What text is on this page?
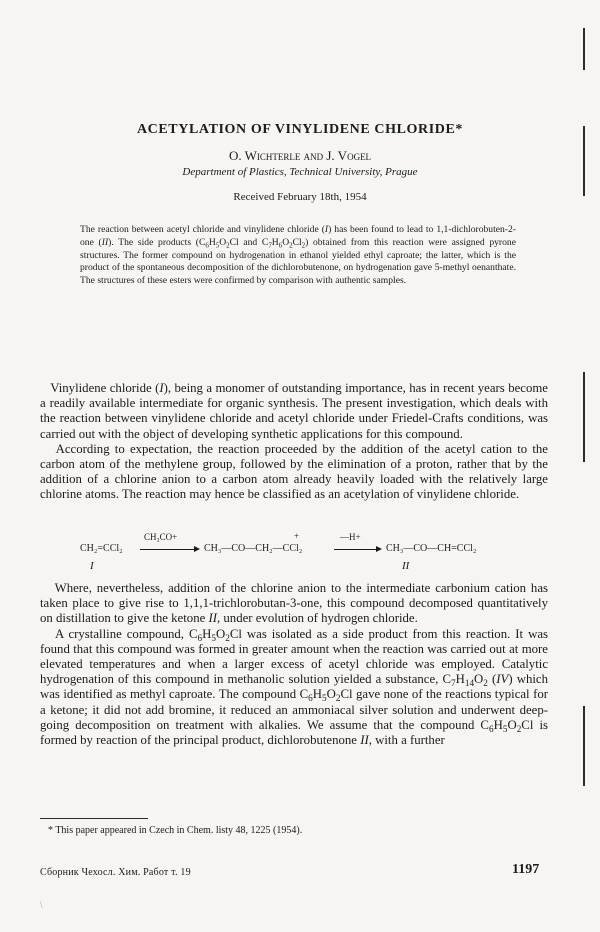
ACETYLATION OF VINYLIDENE CHLORIDE*
O. Wichterle and J. Vogel
Department of Plastics, Technical University, Prague
Received February 18th, 1954

The reaction between acetyl chloride and vinylidene chloride (I) has been found to lead to 1,1-dichlorobuten-2-one (II). The side products ($C_6H_5O_2Cl$ and $C_7H_6O_2Cl_2$) obtained from this reaction were assigned pyrone structures. The former compound on hydrogenation in ethanol yielded ethyl caproate; the latter, which is the product of the spontaneous decomposition of the dichlorobutenone, on hydrogenation gave 5-methyl oenanthate. The structures of these esters were confirmed by comparison with authentic samples.

Vinylidene chloride (I), being a monomer of outstanding importance, has in recent years become a readily available intermediate for organic synthesis. The present investigation, which deals with the reaction between vinylidene chloride and acetyl chloride under Friedel-Crafts conditions, was carried out with the object of developing synthetic applications for this compound.
According to expectation, the reaction proceeded by the addition of the acetyl cation to the carbon atom of the methylene group, followed by the elimination of a proton, rather that by the addition of a chlorine anion to a carbon atom already heavily loaded with the relatively large chlorine atoms. The reaction may hence be classified as an acetylation of vinylidene chloride.

CH₂=CCl₂
CH₃CO+
CH₃—CO—CH₂—CCl₂
+	—H+
CH₃—CO—CH=CCl₂
I	II

Where, nevertheless, addition of the chlorine anion to the intermediate carbonium cation has taken place to give rise to 1,1,1-trichlorobutan-3-one, this compound decomposed quantitatively on distillation to give the ketone II, under evolution of hydrogen chloride.
A crystalline compound, $C_6H_5O_2Cl$ was isolated as a side product from this reaction. It was found that this compound was formed in greater amount when the reaction was carried out at more elevated temperatures and when a larger excess of acetyl chloride was employed. Catalytic hydrogenation of this compound in methanolic solution yielded a substance, $C_7H_{14}O_2$ (IV) which was identified as methyl caproate. The compound $C_6H_5O_2Cl$ gave none of the reactions typical for a ketone; it did not add bromine, it reduced an ammoniacal silver solution and underwent deep-going decomposition on treatment with alkalies. We assume that the compound $C_6H_5O_2Cl$ is formed by reaction of the principal product, dichlorobutenone II, with a further

* This paper appeared in Czech in Chem. listy 48, 1225 (1954).
Сборник Чехосл. Хим. Работ т. 19	1197
\
